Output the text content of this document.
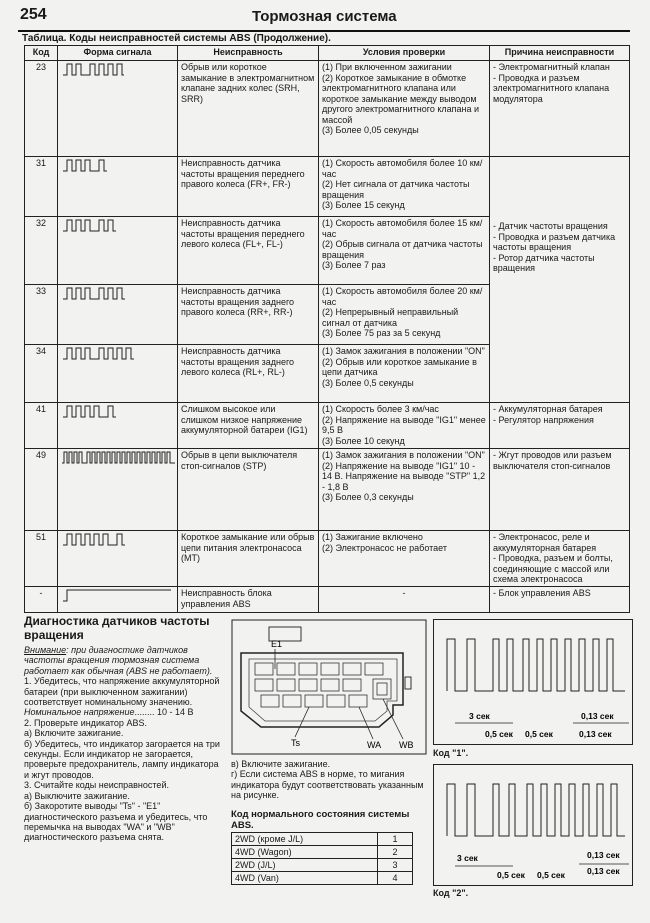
254	Тормозная система
Таблица. Коды неисправностей системы ABS (Продолжение).
Код	Форма сигнала	Неисправность	Условия проверки	Причина неисправности
23		Обрыв или короткое замыкание в электромагнитном клапане задних колес (SRH, SRR)	(1) При включенном зажигании
(2) Короткое замыкание в обмотке электромагнитного клапана или короткое замыкание между выводом другого электромагнитного клапана и массой
(3) Более 0,05 секунды	- Электромагнитный клапан
- Проводка и разъем электромагнитного клапана модулятора
31		Неисправность датчика частоты вращения переднего правого колеса (FR+, FR-)	(1) Скорость автомобиля более 10 км/час
(2) Нет сигнала от датчика частоты вращения
(3) Более 15 секунд	- Датчик частоты вращения
- Проводка и разъем датчика частоты вращения
- Ротор датчика частоты вращения
32		Неисправность датчика частоты вращения переднего левого колеса (FL+, FL-)	(1) Скорость автомобиля более 15 км/час
(2) Обрыв сигнала от датчика частоты вращения
(3) Более 7 раз	
33		Неисправность датчика частоты вращения заднего правого колеса (RR+, RR-)	(1) Скорость автомобиля более 20 км/час
(2) Непрерывный неправильный сигнал от датчика
(3) Более 75 раз за 5 секунд	
34		Неисправность датчика частоты вращения заднего левого колеса (RL+, RL-)	(1) Замок зажигания в положении "ON"
(2) Обрыв или короткое замыкание в цепи датчика
(3) Более 0,5 секунды	
41		Слишком высокое или слишком низкое напряжение аккумуляторной батареи (IG1)	(1) Скорость более 3 км/час
(2) Напряжение на выводе "IG1" менее 9,5 В
(3) Более 10 секунд	- Аккумуляторная батарея
- Регулятор напряжения
49		Обрыв в цепи выключателя стоп-сигналов (STP)	(1) Замок зажигания в положении "ON"
(2) Напряжение на выводе "IG1" 10 - 14 В. Напряжение на выводе "STP" 1,2 - 1,8 В
(3) Более 0,3 секунды	- Жгут проводов или разъем выключателя стоп-сигналов
51		Короткое замыкание или обрыв цепи питания электронасоса (MT)	(1) Зажигание включено
(2) Электронасос не работает	- Электронасос, реле и аккумуляторная батарея
- Проводка, разъем и болты, соединяющие с массой или схема электронасоса
-		Неисправность блока управления ABS	-	- Блок управления ABS
Диагностика датчиков частоты вращения
Внимание: при диагностике датчиков частоты вращения тормозная система работает как обычная (ABS не работает).
1. Убедитесь, что напряжение аккумуляторной батареи (при выключенном зажигании) соответствует номинальному значению.
Номинальное напряжение........ 10 - 14 В
2. Проверьте индикатор ABS.
а) Включите зажигание.
б) Убедитесь, что индикатор загорается на три секунды. Если индикатор не загорается, проверьте предохранитель, лампу индикатора и жгут проводов.
3. Считайте коды неисправностей.
а) Выключите зажигание.
б) Закоротите выводы "Ts" - "E1" диагностического разъема и убедитесь, что перемычка на выводах "WA" и "WB" диагностического разъема снята.
E1
Ts	WA WB
в) Включите зажигание.
г) Если система ABS в норме, то мигания индикатора будут соответствовать указанным на рисунке.
Код нормального состояния системы ABS.
2WD (кроме J/L)	1
4WD (Wagon)	2
2WD (J/L)	3
4WD (Van)	4
3 сек
0,5 сек 0,5 сек
0,13 сек
0,13 сек
Код "1".
3 сек
0,5 сек 0,5 сек
0,13 сек
0,13 сек
Код "2".
